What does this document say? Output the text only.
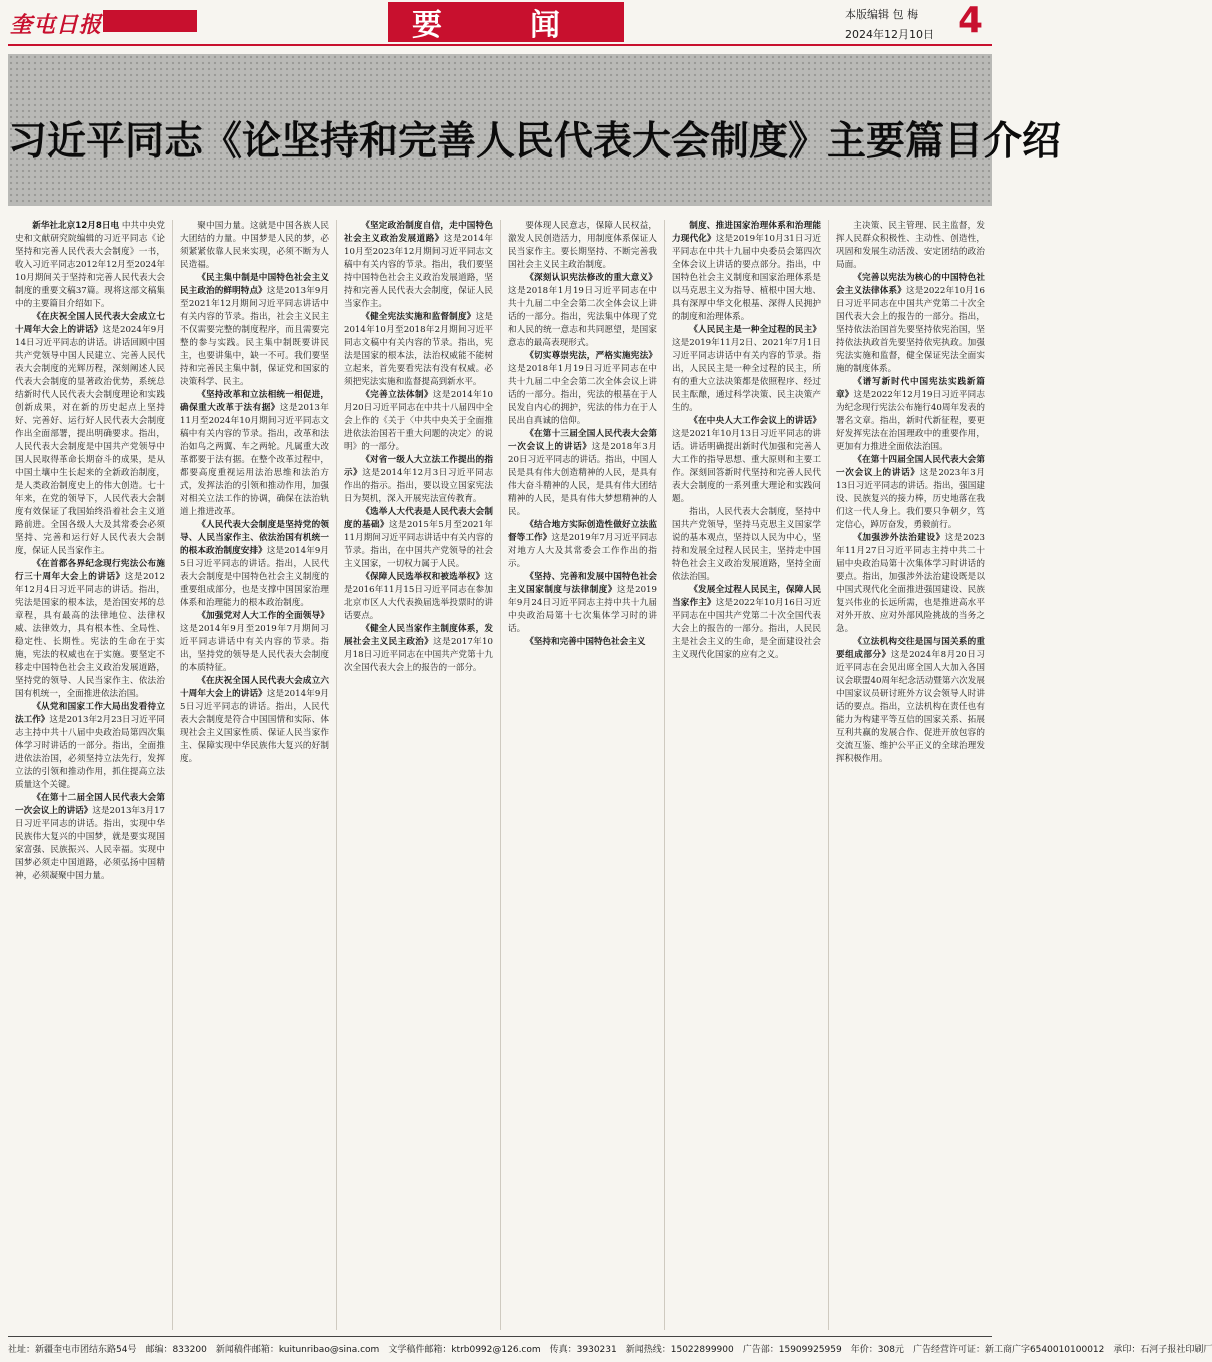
奎屯日报	要 闻	本版编辑 包 梅
2024年12月10日 4
习近平同志《论坚持和完善人民代表大会制度》主要篇目介绍

新华社北京12月8日电 中共中央党史和文献研究院编辑的习近平同志《论坚持和完善人民代表大会制度》一书，收入习近平同志2012年12月至2024年10月期间关于坚持和完善人民代表大会制度的重要文稿37篇。现将这部文稿集中的主要篇目介绍如下。

《在庆祝全国人民代表大会成立七十周年大会上的讲话》这是2024年9月14日习近平同志的讲话。讲话回顾中国共产党领导中国人民建立、完善人民代表大会制度的光辉历程，深刻阐述人民代表大会制度的显著政治优势，系统总结新时代人民代表大会制度理论和实践创新成果，对在新的历史起点上坚持好、完善好、运行好人民代表大会制度作出全面部署，提出明确要求。指出，人民代表大会制度是中国共产党领导中国人民取得革命长期奋斗的成果，是从中国土壤中生长起来的全新政治制度，是人类政治制度史上的伟大创造。七十年来，在党的领导下，人民代表大会制度有效保证了我国始终沿着社会主义道路前进。全国各级人大及其常委会必须坚持、完善和运行好人民代表大会制度，保证人民当家作主。

《在首都各界纪念现行宪法公布施行三十周年大会上的讲话》这是2012年12月4日习近平同志的讲话。指出，宪法是国家的根本法，是治国安邦的总章程，具有最高的法律地位、法律权威、法律效力，具有根本性、全局性、稳定性、长期性。宪法的生命在于实施，宪法的权威也在于实施。要坚定不移走中国特色社会主义政治发展道路，坚持党的领导、人民当家作主、依法治国有机统一，全面推进依法治国。

《从党和国家工作大局出发看待立法工作》这是2013年2月23日习近平同志主持中共十八届中央政治局第四次集体学习时讲话的一部分。指出，全面推进依法治国，必须坚持立法先行，发挥立法的引领和推动作用，抓住提高立法质量这个关键。

《在第十二届全国人民代表大会第一次会议上的讲话》这是2013年3月17日习近平同志的讲话。指出，实现中华民族伟大复兴的中国梦，就是要实现国家富强、民族振兴、人民幸福。实现中国梦必须走中国道路，必须弘扬中国精神，必须凝聚中国力量。

聚中国力量。这就是中国各族人民大团结的力量。中国梦是人民的梦，必须紧紧依靠人民来实现，必须不断为人民造福。

《民主集中制是中国特色社会主义民主政治的鲜明特点》这是2013年9月至2021年12月期间习近平同志讲话中有关内容的节录。指出，社会主义民主不仅需要完整的制度程序，而且需要完整的参与实践。民主集中制既要讲民主，也要讲集中，缺一不可。我们要坚持和完善民主集中制，保证党和国家的决策科学、民主。

《坚持改革和立法相统一相促进，确保重大改革于法有据》这是2013年11月至2024年10月期间习近平同志文稿中有关内容的节录。指出，改革和法治如鸟之两翼、车之两轮。凡属重大改革都要于法有据。在整个改革过程中，都要高度重视运用法治思维和法治方式，发挥法治的引领和推动作用，加强对相关立法工作的协调，确保在法治轨道上推进改革。

《人民代表大会制度是坚持党的领导、人民当家作主、依法治国有机统一的根本政治制度安排》这是2014年9月5日习近平同志的讲话。指出，人民代表大会制度是中国特色社会主义制度的重要组成部分，也是支撑中国国家治理体系和治理能力的根本政治制度。

《加强党对人大工作的全面领导》这是2014年9月至2019年7月期间习近平同志讲话中有关内容的节录。指出，坚持党的领导是人民代表大会制度的本质特征。

《在庆祝全国人民代表大会成立六十周年大会上的讲话》这是2014年9月5日习近平同志的讲话。指出，人民代表大会制度是符合中国国情和实际、体现社会主义国家性质、保证人民当家作主、保障实现中华民族伟大复兴的好制度。

《坚定政治制度自信，走中国特色社会主义政治发展道路》这是2014年10月至2023年12月期间习近平同志文稿中有关内容的节录。指出，我们要坚持中国特色社会主义政治发展道路，坚持和完善人民代表大会制度，保证人民当家作主。

《健全宪法实施和监督制度》这是2014年10月至2018年2月期间习近平同志文稿中有关内容的节录。指出，宪法是国家的根本法，法治权威能不能树立起来，首先要看宪法有没有权威。必须把宪法实施和监督提高到新水平。

《完善立法体制》这是2014年10月20日习近平同志在中共十八届四中全会上作的《关于〈中共中央关于全面推进依法治国若干重大问题的决定〉的说明》的一部分。

《对省一级人大立法工作提出的指示》这是2014年12月3日习近平同志作出的指示。指出，要以设立国家宪法日为契机，深入开展宪法宣传教育。

《选举人大代表是人民代表大会制度的基础》这是2015年5月至2021年11月期间习近平同志讲话中有关内容的节录。指出，在中国共产党领导的社会主义国家，一切权力属于人民。

《保障人民选举权和被选举权》这是2016年11月15日习近平同志在参加北京市区人大代表换届选举投票时的讲话要点。

《健全人民当家作主制度体系，发展社会主义民主政治》这是2017年10月18日习近平同志在中国共产党第十九次全国代表大会上的报告的一部分。

要体现人民意志，保障人民权益，激发人民创造活力，用制度体系保证人民当家作主。要长期坚持、不断完善我国社会主义民主政治制度。

《深刻认识宪法修改的重大意义》这是2018年1月19日习近平同志在中共十九届二中全会第二次全体会议上讲话的一部分。指出，宪法集中体现了党和人民的统一意志和共同愿望，是国家意志的最高表现形式。

《切实尊崇宪法，严格实施宪法》这是2018年1月19日习近平同志在中共十九届二中全会第二次全体会议上讲话的一部分。指出，宪法的根基在于人民发自内心的拥护，宪法的伟力在于人民出自真诚的信仰。

《在第十三届全国人民代表大会第一次会议上的讲话》这是2018年3月20日习近平同志的讲话。指出，中国人民是具有伟大创造精神的人民，是具有伟大奋斗精神的人民，是具有伟大团结精神的人民，是具有伟大梦想精神的人民。

《结合地方实际创造性做好立法监督等工作》这是2019年7月习近平同志对地方人大及其常委会工作作出的指示。

《坚持、完善和发展中国特色社会主义国家制度与法律制度》这是2019年9月24日习近平同志主持中共十九届中央政治局第十七次集体学习时的讲话。

《坚持和完善中国特色社会主义

制度、推进国家治理体系和治理能力现代化》这是2019年10月31日习近平同志在中共十九届中央委员会第四次全体会议上讲话的要点部分。指出，中国特色社会主义制度和国家治理体系是以马克思主义为指导、植根中国大地、具有深厚中华文化根基、深得人民拥护的制度和治理体系。

《人民民主是一种全过程的民主》这是2019年11月2日、2021年7月1日习近平同志讲话中有关内容的节录。指出，人民民主是一种全过程的民主，所有的重大立法决策都是依照程序、经过民主酝酿，通过科学决策、民主决策产生的。

《在中央人大工作会议上的讲话》这是2021年10月13日习近平同志的讲话。讲话明确提出新时代加强和完善人大工作的指导思想、重大原则和主要工作。深刻回答新时代坚持和完善人民代表大会制度的一系列重大理论和实践问题。

指出，人民代表大会制度，坚持中国共产党领导，坚持马克思主义国家学说的基本观点，坚持以人民为中心，坚持和发展全过程人民民主，坚持走中国特色社会主义政治发展道路，坚持全面依法治国。

《发展全过程人民民主，保障人民当家作主》这是2022年10月16日习近平同志在中国共产党第二十次全国代表大会上的报告的一部分。指出，人民民主是社会主义的生命，是全面建设社会主义现代化国家的应有之义。

主决策、民主管理、民主监督，发挥人民群众积极性、主动性、创造性，巩固和发展生动活泼、安定团结的政治局面。

《完善以宪法为核心的中国特色社会主义法律体系》这是2022年10月16日习近平同志在中国共产党第二十次全国代表大会上的报告的一部分。指出，坚持依法治国首先要坚持依宪治国，坚持依法执政首先要坚持依宪执政。加强宪法实施和监督，健全保证宪法全面实施的制度体系。

《谱写新时代中国宪法实践新篇章》这是2022年12月19日习近平同志为纪念现行宪法公布施行40周年发表的署名文章。指出，新时代新征程，要更好发挥宪法在治国理政中的重要作用，更加有力推进全面依法治国。

《在第十四届全国人民代表大会第一次会议上的讲话》这是2023年3月13日习近平同志的讲话。指出，强国建设、民族复兴的接力棒，历史地落在我们这一代人身上。我们要只争朝夕，笃定信心，踔厉奋发，勇毅前行。

《加强涉外法治建设》这是2023年11月27日习近平同志主持中共二十届中央政治局第十次集体学习时讲话的要点。指出，加强涉外法治建设既是以中国式现代化全面推进强国建设、民族复兴伟业的长远所需，也是推进高水平对外开放、应对外部风险挑战的当务之急。

《立法机构交往是国与国关系的重要组成部分》这是2024年8月20日习近平同志在会见出席全国人大加入各国议会联盟40周年纪念活动暨第六次发展中国家议员研讨班外方议会领导人时讲话的要点。指出，立法机构在责任也有能力为构建平等互信的国家关系、拓展互利共赢的发展合作、促进开放包容的交流互鉴、维护公平正义的全球治理发挥积极作用。

社址：新疆奎屯市团结东路54号 邮编：833200 新闻稿件邮箱：kuitunribao@sina.com 文学稿件邮箱：ktrb0992@126.com 传真：3930231 新闻热线：15022899900 广告部：15909925959 年价：308元 广告经营许可证：新工商广字6540010100012 承印：石河子报社印刷厂
